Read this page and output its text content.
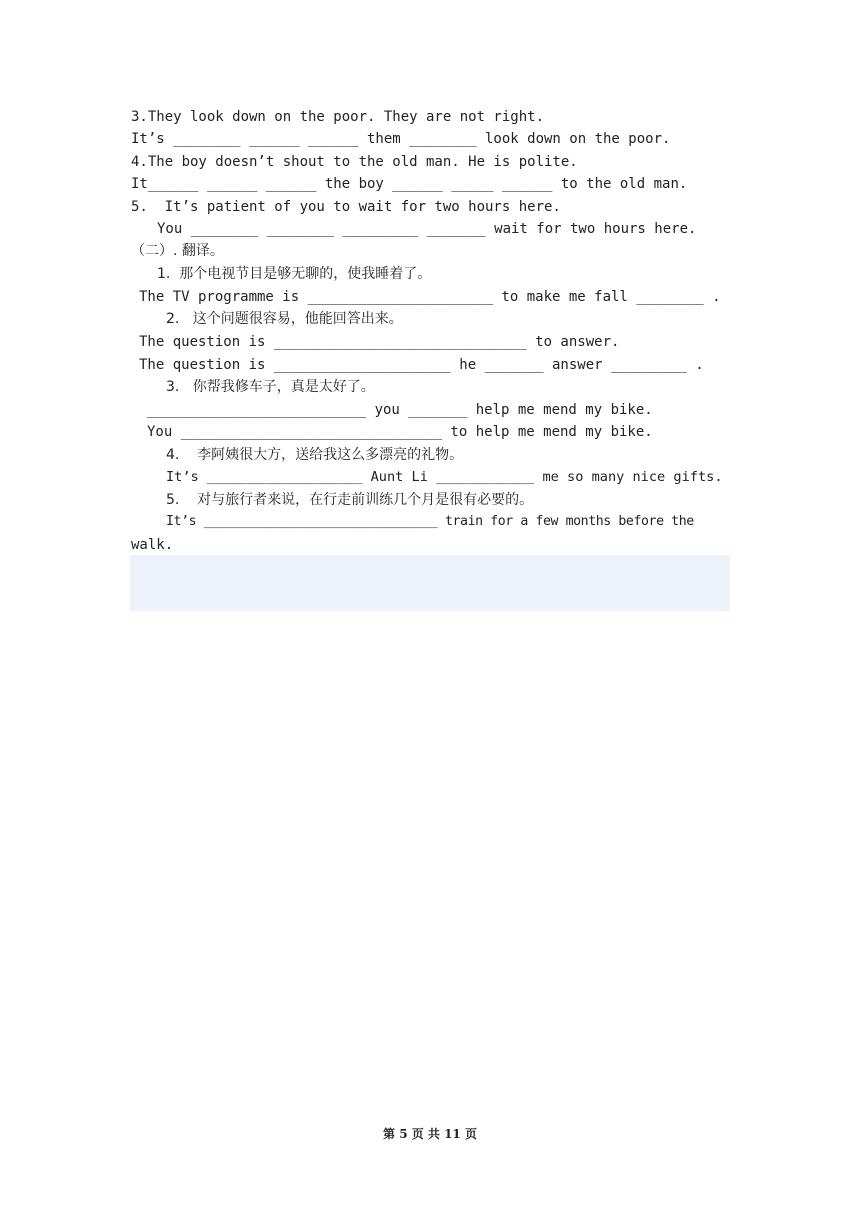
3.They look down on the poor. They are not right.
It’s ________ ______ ______ them ________ look down on the poor.
4.The boy doesn’t shout to the old man. He is polite.
It______ ______ ______ the boy ______ _____ ______ to the old man.
5.  It’s patient of you to wait for two hours here.
You ________ ________ _________ _______ wait for two hours here.
（二）. 翻译。
1.  那个电视节目是够无聊的，使我睡着了。
The TV programme is ______________________ to make me fall ________ .
2.   这个问题很容易，他能回答出来。
The question is ______________________________ to answer.
The question is _____________________ he _______ answer _________ .
3.   你帮我修车子，真是太好了。
__________________________ you _______ help me mend my bike.
You _______________________________ to help me mend my bike.
4.    李阿姨很大方，送给我这么多漂亮的礼物。
It’s ___________________ Aunt Li ____________ me so many nice gifts.
5.    对与旅行者来说，在行走前训练几个月是很有必要的。
It’s _______________________________ train for a few months before the
walk.
第 5 页 共 11 页
